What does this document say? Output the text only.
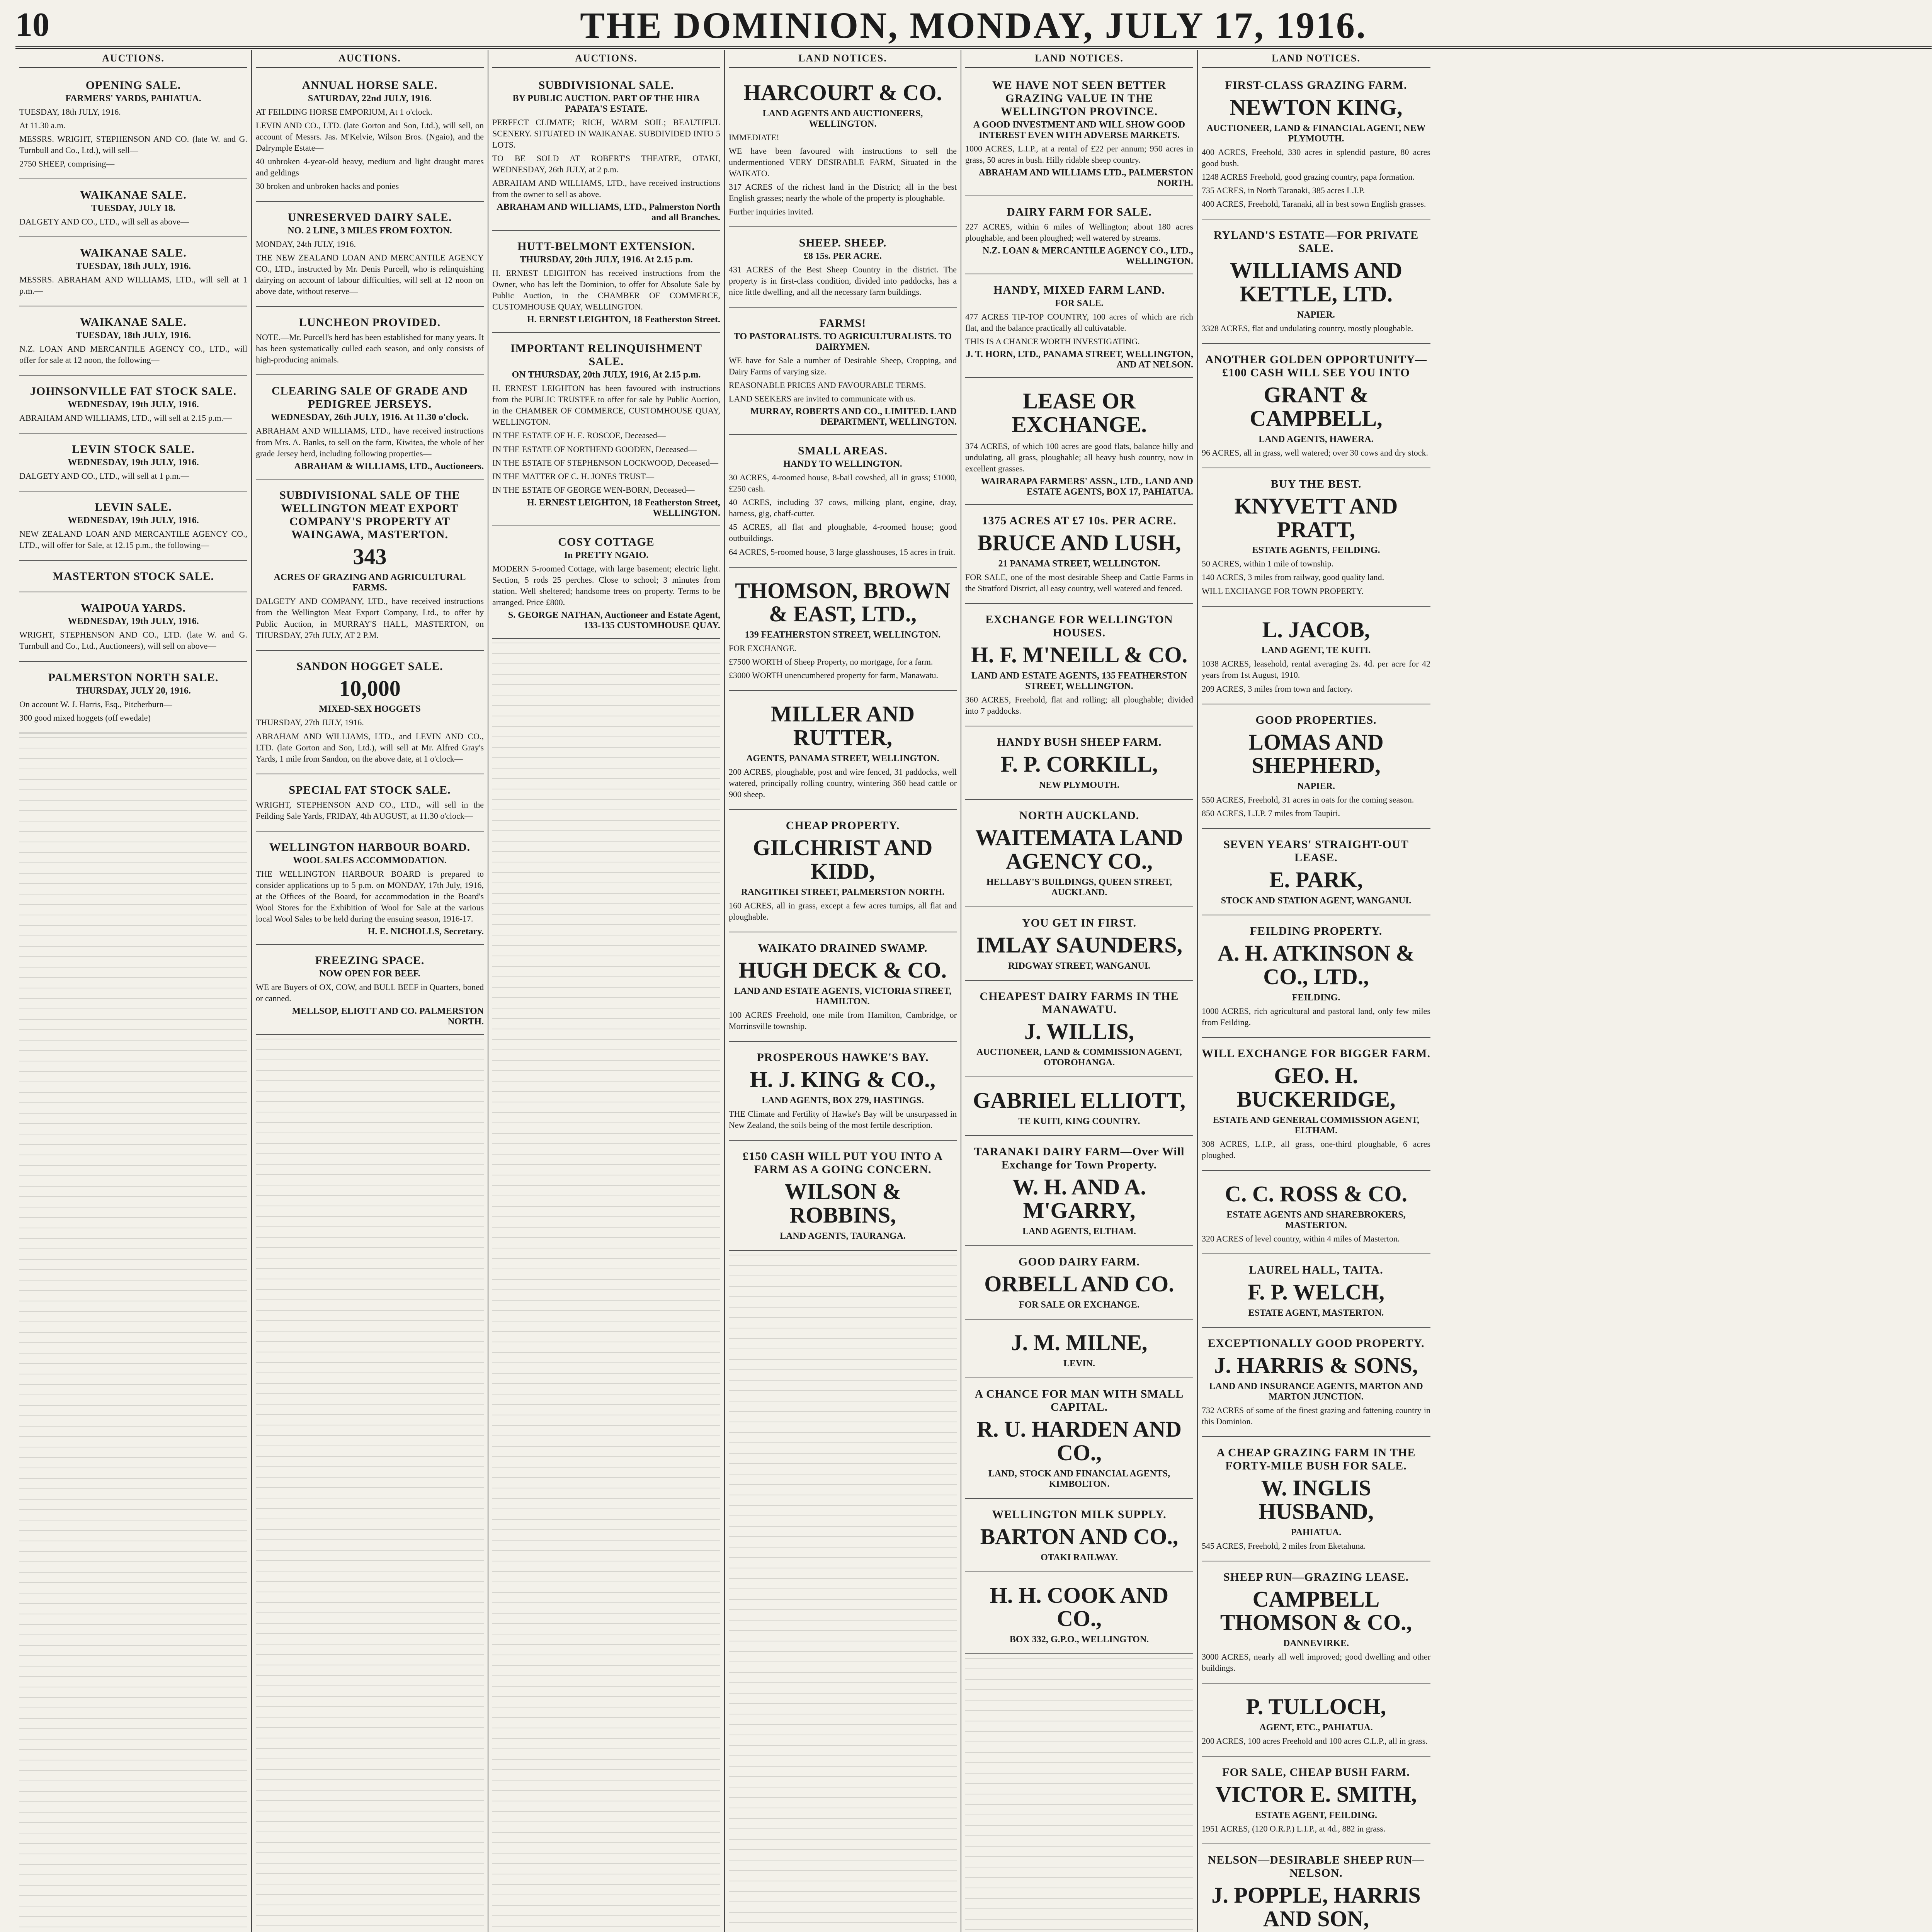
10	THE DOMINION, MONDAY, JULY 17, 1916.
AUCTIONS.
OPENING SALE.
FARMERS' YARDS, PAHIATUA.

TUESDAY, 18th JULY, 1916.

At 11.30 a.m.

MESSRS. WRIGHT, STEPHENSON AND CO. (late W. and G. Turnbull and Co., Ltd.), will sell—

2750 SHEEP, comprising—

WAIKANAE SALE.
TUESDAY, JULY 18.

DALGETY AND CO., LTD., will sell as above—

WAIKANAE SALE.
TUESDAY, 18th JULY, 1916.

MESSRS. ABRAHAM AND WILLIAMS, LTD., will sell at 1 p.m.—

WAIKANAE SALE.
TUESDAY, 18th JULY, 1916.

N.Z. LOAN AND MERCANTILE AGENCY CO., LTD., will offer for sale at 12 noon, the following—

JOHNSONVILLE FAT STOCK SALE.
WEDNESDAY, 19th JULY, 1916.

ABRAHAM AND WILLIAMS, LTD., will sell at 2.15 p.m.—

LEVIN STOCK SALE.
WEDNESDAY, 19th JULY, 1916.

DALGETY AND CO., LTD., will sell at 1 p.m.—

LEVIN SALE.
WEDNESDAY, 19th JULY, 1916.

NEW ZEALAND LOAN AND MERCANTILE AGENCY CO., LTD., will offer for Sale, at 12.15 p.m., the following—

MASTERTON STOCK SALE.
WAIPOUA YARDS.
WEDNESDAY, 19th JULY, 1916.

WRIGHT, STEPHENSON AND CO., LTD. (late W. and G. Turnbull and Co., Ltd., Auctioneers), will sell on above—

PALMERSTON NORTH SALE.
THURSDAY, JULY 20, 1916.

On account W. J. Harris, Esq., Pitcherburn—

300 good mixed hoggets (off ewedale)

AUCTIONS.
ANNUAL HORSE SALE.
SATURDAY, 22nd JULY, 1916.

AT FEILDING HORSE EMPORIUM, At 1 o'clock.

LEVIN AND CO., LTD. (late Gorton and Son, Ltd.), will sell, on account of Messrs. Jas. M'Kelvie, Wilson Bros. (Ngaio), and the Dalrymple Estate—

40 unbroken 4-year-old heavy, medium and light draught mares and geldings

30 broken and unbroken hacks and ponies

UNRESERVED DAIRY SALE.
NO. 2 LINE, 3 MILES FROM FOXTON.

MONDAY, 24th JULY, 1916.

THE NEW ZEALAND LOAN AND MERCANTILE AGENCY CO., LTD., instructed by Mr. Denis Purcell, who is relinquishing dairying on account of labour difficulties, will sell at 12 noon on above date, without reserve—

LUNCHEON PROVIDED.

NOTE.—Mr. Purcell's herd has been established for many years. It has been systematically culled each season, and only consists of high-producing animals.

CLEARING SALE OF GRADE AND PEDIGREE JERSEYS.
WEDNESDAY, 26th JULY, 1916. At 11.30 o'clock.

ABRAHAM AND WILLIAMS, LTD., have received instructions from Mrs. A. Banks, to sell on the farm, Kiwitea, the whole of her grade Jersey herd, including following properties—

ABRAHAM & WILLIAMS, LTD., Auctioneers.
SUBDIVISIONAL SALE OF THE WELLINGTON MEAT EXPORT COMPANY'S PROPERTY AT WAINGAWA, MASTERTON.
343
ACRES OF GRAZING AND AGRICULTURAL FARMS.

DALGETY AND COMPANY, LTD., have received instructions from the Wellington Meat Export Company, Ltd., to offer by Public Auction, in MURRAY'S HALL, MASTERTON, on THURSDAY, 27th JULY, AT 2 P.M.

SANDON HOGGET SALE.
10,000
MIXED-SEX HOGGETS

THURSDAY, 27th JULY, 1916.

ABRAHAM AND WILLIAMS, LTD., and LEVIN AND CO., LTD. (late Gorton and Son, Ltd.), will sell at Mr. Alfred Gray's Yards, 1 mile from Sandon, on the above date, at 1 o'clock—

SPECIAL FAT STOCK SALE.

WRIGHT, STEPHENSON AND CO., LTD., will sell in the Feilding Sale Yards, FRIDAY, 4th AUGUST, at 11.30 o'clock—

WELLINGTON HARBOUR BOARD.
WOOL SALES ACCOMMODATION.

THE WELLINGTON HARBOUR BOARD is prepared to consider applications up to 5 p.m. on MONDAY, 17th July, 1916, at the Offices of the Board, for accommodation in the Board's Wool Stores for the Exhibition of Wool for Sale at the various local Wool Sales to be held during the ensuing season, 1916-17.

H. E. NICHOLLS, Secretary.
FREEZING SPACE.
NOW OPEN FOR BEEF.

WE are Buyers of OX, COW, and BULL BEEF in Quarters, boned or canned.

MELLSOP, ELIOTT AND CO. PALMERSTON NORTH.
AUCTIONS.
SUBDIVISIONAL SALE.
BY PUBLIC AUCTION. PART OF THE HIRA PAPATA'S ESTATE.

PERFECT CLIMATE; RICH, WARM SOIL; BEAUTIFUL SCENERY. SITUATED IN WAIKANAE. SUBDIVIDED INTO 5 LOTS.

TO BE SOLD AT ROBERT'S THEATRE, OTAKI, WEDNESDAY, 26th JULY, at 2 p.m.

ABRAHAM AND WILLIAMS, LTD., have received instructions from the owner to sell as above.

ABRAHAM AND WILLIAMS, LTD., Palmerston North and all Branches.
HUTT-BELMONT EXTENSION.
THURSDAY, 20th JULY, 1916. At 2.15 p.m.

H. ERNEST LEIGHTON has received instructions from the Owner, who has left the Dominion, to offer for Absolute Sale by Public Auction, in the CHAMBER OF COMMERCE, CUSTOMHOUSE QUAY, WELLINGTON.

H. ERNEST LEIGHTON, 18 Featherston Street.
IMPORTANT RELINQUISHMENT SALE.
ON THURSDAY, 20th JULY, 1916, At 2.15 p.m.

H. ERNEST LEIGHTON has been favoured with instructions from the PUBLIC TRUSTEE to offer for sale by Public Auction, in the CHAMBER OF COMMERCE, CUSTOMHOUSE QUAY, WELLINGTON.

IN THE ESTATE OF H. E. ROSCOE, Deceased—

IN THE ESTATE OF NORTHEND GOODEN, Deceased—

IN THE ESTATE OF STEPHENSON LOCKWOOD, Deceased—

IN THE MATTER OF C. H. JONES TRUST—

IN THE ESTATE OF GEORGE WEN-BORN, Deceased—

H. ERNEST LEIGHTON, 18 Featherston Street, WELLINGTON.
COSY COTTAGE
In PRETTY NGAIO.

MODERN 5-roomed Cottage, with large basement; electric light. Section, 5 rods 25 perches. Close to school; 3 minutes from station. Well sheltered; handsome trees on property. Terms to be arranged. Price £800.

S. GEORGE NATHAN, Auctioneer and Estate Agent, 133-135 CUSTOMHOUSE QUAY.
LAND NOTICES.
HARCOURT & CO.
LAND AGENTS AND AUCTIONEERS, WELLINGTON.

IMMEDIATE!

WE have been favoured with instructions to sell the undermentioned VERY DESIRABLE FARM, Situated in the WAIKATO.

317 ACRES of the richest land in the District; all in the best English grasses; nearly the whole of the property is ploughable.

Further inquiries invited.

SHEEP. SHEEP.
£8 15s. PER ACRE.

431 ACRES of the Best Sheep Country in the district. The property is in first-class condition, divided into paddocks, has a nice little dwelling, and all the necessary farm buildings.

FARMS!
TO PASTORALISTS. TO AGRICULTURALISTS. TO DAIRYMEN.

WE have for Sale a number of Desirable Sheep, Cropping, and Dairy Farms of varying size.

REASONABLE PRICES AND FAVOURABLE TERMS.

LAND SEEKERS are invited to communicate with us.

MURRAY, ROBERTS AND CO., LIMITED. LAND DEPARTMENT, WELLINGTON.
SMALL AREAS.
HANDY TO WELLINGTON.

30 ACRES, 4-roomed house, 8-bail cowshed, all in grass; £1000, £250 cash.

40 ACRES, including 37 cows, milking plant, engine, dray, harness, gig, chaff-cutter.

45 ACRES, all flat and ploughable, 4-roomed house; good outbuildings.

64 ACRES, 5-roomed house, 3 large glasshouses, 15 acres in fruit.

THOMSON, BROWN & EAST, LTD.,
139 FEATHERSTON STREET, WELLINGTON.

FOR EXCHANGE.

£7500 WORTH of Sheep Property, no mortgage, for a farm.

£3000 WORTH unencumbered property for farm, Manawatu.

MILLER AND RUTTER,
AGENTS, PANAMA STREET, WELLINGTON.

200 ACRES, ploughable, post and wire fenced, 31 paddocks, well watered, principally rolling country, wintering 360 head cattle or 900 sheep.

CHEAP PROPERTY.
GILCHRIST AND KIDD,
RANGITIKEI STREET, PALMERSTON NORTH.

160 ACRES, all in grass, except a few acres turnips, all flat and ploughable.

WAIKATO DRAINED SWAMP.
HUGH DECK & CO.
LAND AND ESTATE AGENTS, VICTORIA STREET, HAMILTON.

100 ACRES Freehold, one mile from Hamilton, Cambridge, or Morrinsville township.

PROSPEROUS HAWKE'S BAY.
H. J. KING & CO.,
LAND AGENTS, BOX 279, HASTINGS.

THE Climate and Fertility of Hawke's Bay will be unsurpassed in New Zealand, the soils being of the most fertile description.

£150 CASH WILL PUT YOU INTO A FARM AS A GOING CONCERN.
WILSON & ROBBINS,
LAND AGENTS, TAURANGA.
LAND NOTICES.
WE HAVE NOT SEEN BETTER GRAZING VALUE IN THE WELLINGTON PROVINCE.
A GOOD INVESTMENT AND WILL SHOW GOOD INTEREST EVEN WITH ADVERSE MARKETS.

1000 ACRES, L.I.P., at a rental of £22 per annum; 950 acres in grass, 50 acres in bush. Hilly ridable sheep country.

ABRAHAM AND WILLIAMS LTD., PALMERSTON NORTH.
DAIRY FARM FOR SALE.

227 ACRES, within 6 miles of Wellington; about 180 acres ploughable, and been ploughed; well watered by streams.

N.Z. LOAN & MERCANTILE AGENCY CO., LTD., WELLINGTON.
HANDY, MIXED FARM LAND.
FOR SALE.

477 ACRES TIP-TOP COUNTRY, 100 acres of which are rich flat, and the balance practically all cultivatable.

THIS IS A CHANCE WORTH INVESTIGATING.

J. T. HORN, LTD., PANAMA STREET, WELLINGTON, AND AT NELSON.
LEASE OR EXCHANGE.

374 ACRES, of which 100 acres are good flats, balance hilly and undulating, all grass, ploughable; all heavy bush country, now in excellent grasses.

WAIRARAPA FARMERS' ASSN., LTD., LAND AND ESTATE AGENTS, BOX 17, PAHIATUA.
1375 ACRES AT £7 10s. PER ACRE.
BRUCE AND LUSH,
21 PANAMA STREET, WELLINGTON.

FOR SALE, one of the most desirable Sheep and Cattle Farms in the Stratford District, all easy country, well watered and fenced.

EXCHANGE FOR WELLINGTON HOUSES.
H. F. M'NEILL & CO.
LAND AND ESTATE AGENTS, 135 FEATHERSTON STREET, WELLINGTON.

360 ACRES, Freehold, flat and rolling; all ploughable; divided into 7 paddocks.

HANDY BUSH SHEEP FARM.
F. P. CORKILL,
NEW PLYMOUTH.
NORTH AUCKLAND.
WAITEMATA LAND AGENCY CO.,
HELLABY'S BUILDINGS, QUEEN STREET, AUCKLAND.
YOU GET IN FIRST.
IMLAY SAUNDERS,
RIDGWAY STREET, WANGANUI.
CHEAPEST DAIRY FARMS IN THE MANAWATU.
J. WILLIS,
AUCTIONEER, LAND & COMMISSION AGENT, OTOROHANGA.
GABRIEL ELLIOTT,
TE KUITI, KING COUNTRY.
TARANAKI DAIRY FARM—Over Will Exchange for Town Property.
W. H. AND A. M'GARRY,
LAND AGENTS, ELTHAM.
GOOD DAIRY FARM.
ORBELL AND CO.
FOR SALE OR EXCHANGE.
J. M. MILNE,
LEVIN.
A CHANCE FOR MAN WITH SMALL CAPITAL.
R. U. HARDEN AND CO.,
LAND, STOCK AND FINANCIAL AGENTS, KIMBOLTON.
WELLINGTON MILK SUPPLY.
BARTON AND CO.,
OTAKI RAILWAY.
H. H. COOK AND CO.,
BOX 332, G.P.O., WELLINGTON.
LAND NOTICES.
FIRST-CLASS GRAZING FARM.
NEWTON KING,
AUCTIONEER, LAND & FINANCIAL AGENT, NEW PLYMOUTH.

400 ACRES, Freehold, 330 acres in splendid pasture, 80 acres good bush.

1248 ACRES Freehold, good grazing country, papa formation.

735 ACRES, in North Taranaki, 385 acres L.I.P.

400 ACRES, Freehold, Taranaki, all in best sown English grasses.

RYLAND'S ESTATE—FOR PRIVATE SALE.
WILLIAMS AND KETTLE, LTD.
NAPIER.

3328 ACRES, flat and undulating country, mostly ploughable.

ANOTHER GOLDEN OPPORTUNITY—£100 CASH WILL SEE YOU INTO
GRANT & CAMPBELL,
LAND AGENTS, HAWERA.

96 ACRES, all in grass, well watered; over 30 cows and dry stock.

BUY THE BEST.
KNYVETT AND PRATT,
ESTATE AGENTS, FEILDING.

50 ACRES, within 1 mile of township.

140 ACRES, 3 miles from railway, good quality land.

WILL EXCHANGE FOR TOWN PROPERTY.

L. JACOB,
LAND AGENT, TE KUITI.

1038 ACRES, leasehold, rental averaging 2s. 4d. per acre for 42 years from 1st August, 1910.

209 ACRES, 3 miles from town and factory.

GOOD PROPERTIES.
LOMAS AND SHEPHERD,
NAPIER.

550 ACRES, Freehold, 31 acres in oats for the coming season.

850 ACRES, L.I.P. 7 miles from Taupiri.

SEVEN YEARS' STRAIGHT-OUT LEASE.
E. PARK,
STOCK AND STATION AGENT, WANGANUI.
FEILDING PROPERTY.
A. H. ATKINSON & CO., LTD.,
FEILDING.

1000 ACRES, rich agricultural and pastoral land, only few miles from Feilding.

WILL EXCHANGE FOR BIGGER FARM.
GEO. H. BUCKERIDGE,
ESTATE AND GENERAL COMMISSION AGENT, ELTHAM.

308 ACRES, L.I.P., all grass, one-third ploughable, 6 acres ploughed.

C. C. ROSS & CO.
ESTATE AGENTS AND SHAREBROKERS, MASTERTON.

320 ACRES of level country, within 4 miles of Masterton.

LAUREL HALL, TAITA.
F. P. WELCH,
ESTATE AGENT, MASTERTON.
EXCEPTIONALLY GOOD PROPERTY.
J. HARRIS & SONS,
LAND AND INSURANCE AGENTS, MARTON AND MARTON JUNCTION.

732 ACRES of some of the finest grazing and fattening country in this Dominion.

A CHEAP GRAZING FARM IN THE FORTY-MILE BUSH FOR SALE.
W. INGLIS HUSBAND,
PAHIATUA.

545 ACRES, Freehold, 2 miles from Eketahuna.

SHEEP RUN—GRAZING LEASE.
CAMPBELL THOMSON & CO.,
DANNEVIRKE.

3000 ACRES, nearly all well improved; good dwelling and other buildings.

P. TULLOCH,
AGENT, ETC., PAHIATUA.

200 ACRES, 100 acres Freehold and 100 acres C.L.P., all in grass.

FOR SALE, CHEAP BUSH FARM.
VICTOR E. SMITH,
ESTATE AGENT, FEILDING.

1951 ACRES, (120 O.R.P.) L.I.P., at 4d., 882 in grass.

NELSON—DESIRABLE SHEEP RUN—NELSON.
J. POPPLE, HARRIS AND SON,
